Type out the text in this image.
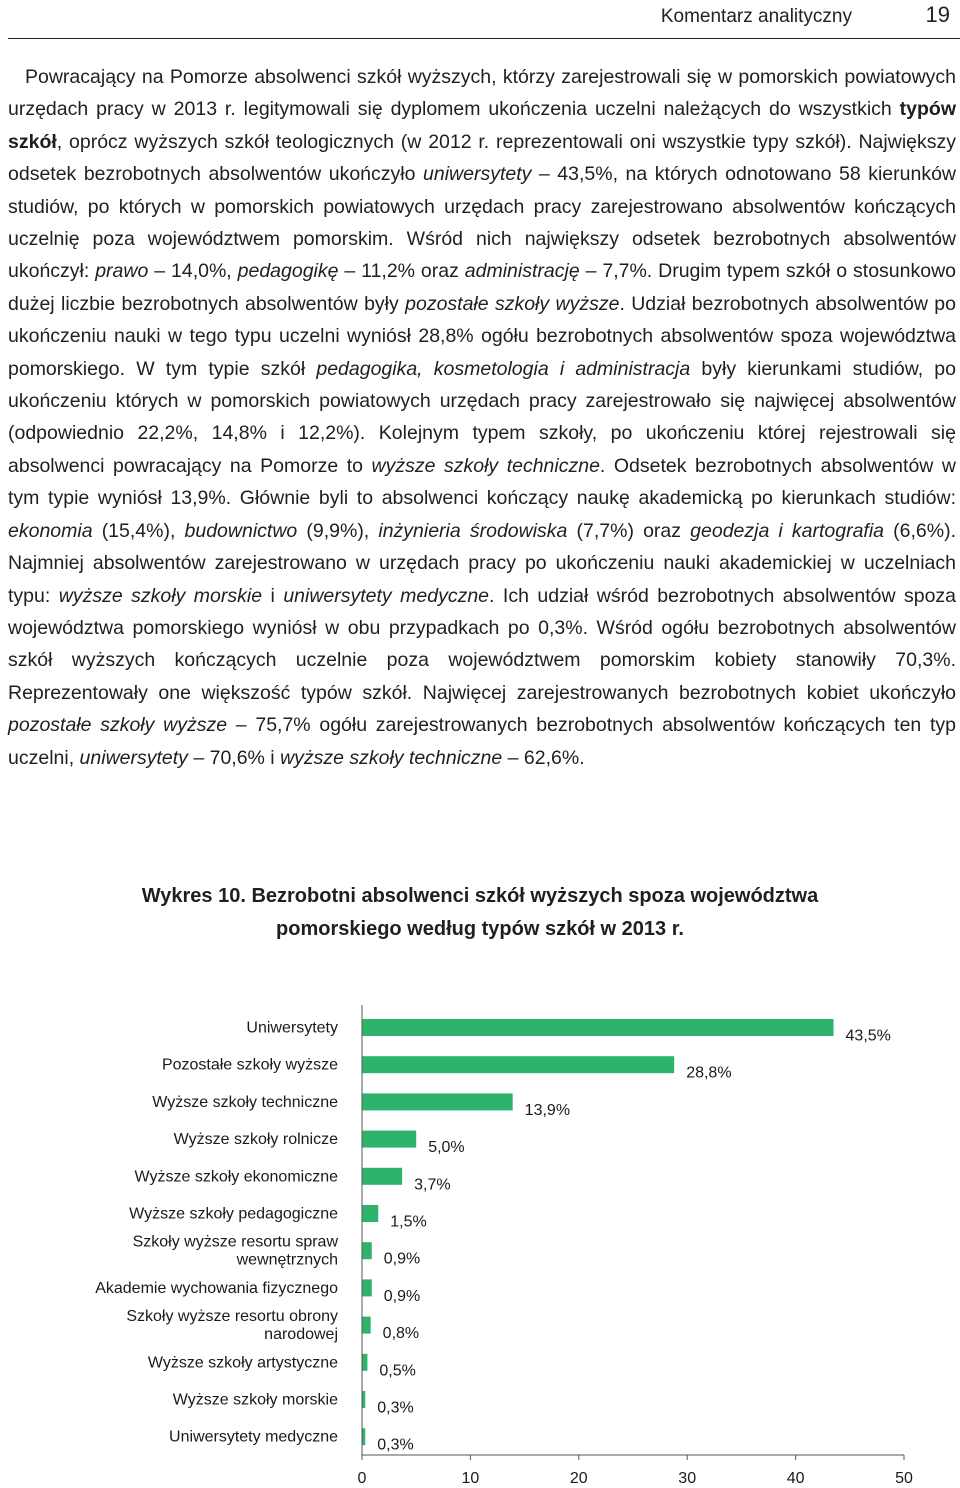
Komentarz analityczny	19

Powracający na Pomorze absolwenci szkół wyższych, którzy zarejestrowali się w pomorskich powiatowych urzędach pracy w 2013 r. legitymowali się dyplomem ukończenia uczelni należących do wszystkich typów szkół, oprócz wyższych szkół teologicznych (w 2012 r. reprezentowali oni wszystkie typy szkół). Największy odsetek bezrobotnych absolwentów ukończyło uniwersytety – 43,5%, na których odnotowano 58 kierunków studiów, po których w pomorskich powiatowych urzędach pracy zarejestrowano absolwentów kończących uczelnię poza województwem pomorskim. Wśród nich największy odsetek bezrobotnych absolwentów ukończył: prawo – 14,0%, pedagogikę – 11,2% oraz administrację – 7,7%. Drugim typem szkół o stosunkowo dużej liczbie bezrobotnych absolwentów były pozostałe szkoły wyższe. Udział bezrobotnych absolwentów po ukończeniu nauki w tego typu uczelni wyniósł 28,8% ogółu bezrobotnych absolwentów spoza województwa pomorskiego. W tym typie szkół pedagogika, kosmetologia i administracja były kierunkami studiów, po ukończeniu których w pomorskich powiatowych urzędach pracy zarejestrowało się najwięcej absolwentów (odpowiednio 22,2%, 14,8% i 12,2%). Kolejnym typem szkoły, po ukończeniu której rejestrowali się absolwenci powracający na Pomorze to wyższe szkoły techniczne. Odsetek bezrobotnych absolwentów w tym typie wyniósł 13,9%. Głównie byli to absolwenci kończący naukę akademicką po kierunkach studiów: ekonomia (15,4%), budownictwo (9,9%), inżynieria środowiska (7,7%) oraz geodezja i kartografia (6,6%). Najmniej absolwentów zarejestrowano w urzędach pracy po ukończeniu nauki akademickiej w uczelniach typu: wyższe szkoły morskie i uniwersytety medyczne. Ich udział wśród bezrobotnych absolwentów spoza województwa pomorskiego wyniósł w obu przypadkach po 0,3%. Wśród ogółu bezrobotnych absolwentów szkół wyższych kończących uczelnie poza województwem pomorskim kobiety stanowiły 70,3%. Reprezentowały one większość typów szkół. Najwięcej zarejestrowanych bezrobotnych kobiet ukończyło pozostałe szkoły wyższe – 75,7% ogółu zarejestrowanych bezrobotnych absolwentów kończących ten typ uczelni, uniwersytety – 70,6% i wyższe szkoły techniczne – 62,6%.

Wykres 10. Bezrobotni absolwenci szkół wyższych spoza województwa
pomorskiego według typów szkół w 2013 r.
Uniwersytety	43,5%
Pozostałe szkoły wyższe	28,8%
Wyższe szkoły techniczne	13,9%
Wyższe szkoły rolnicze	5,0%
Wyższe szkoły ekonomiczne	3,7%
Wyższe szkoły pedagogiczne	1,5%
Szkoły wyższe resortu spraw wewnętrznych	0,9%
Akademie wychowania fizycznego	0,9%
Szkoły wyższe resortu obrony narodowej	0,8%
Wyższe szkoły artystyczne	0,5%
Wyższe szkoły morskie 0,3%
Uniwersytety medyczne 0,3%
0	10	20	30	40	50
